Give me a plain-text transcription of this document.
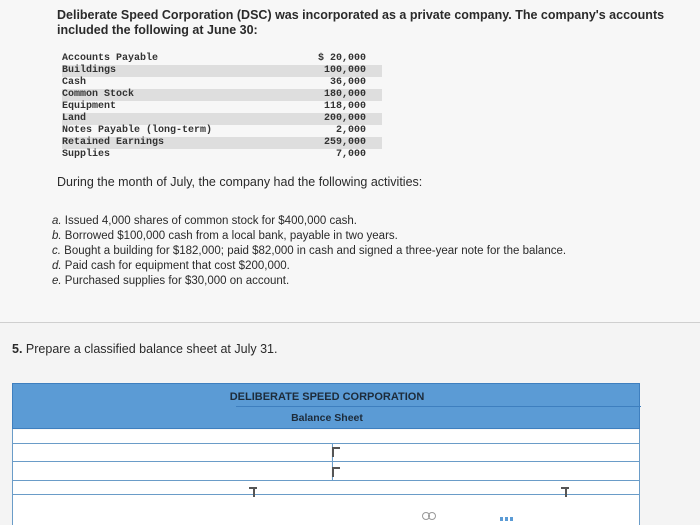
Deliberate Speed Corporation (DSC) was incorporated as a private company. The company's accounts included the following at June 30:
Accounts Payable	$ 20,000
Buildings	100,000
Cash	36,000
Common Stock	180,000
Equipment	118,000
Land	200,000
Notes Payable (long-term)	2,000
Retained Earnings	259,000
Supplies	7,000
During the month of July, the company had the following activities:
a. Issued 4,000 shares of common stock for $400,000 cash.
b. Borrowed $100,000 cash from a local bank, payable in two years.
c. Bought a building for $182,000; paid $82,000 in cash and signed a three-year note for the balance.
d. Paid cash for equipment that cost $200,000.
e. Purchased supplies for $30,000 on account.
5. Prepare a classified balance sheet at July 31.
DELIBERATE SPEED CORPORATION
Balance Sheet
